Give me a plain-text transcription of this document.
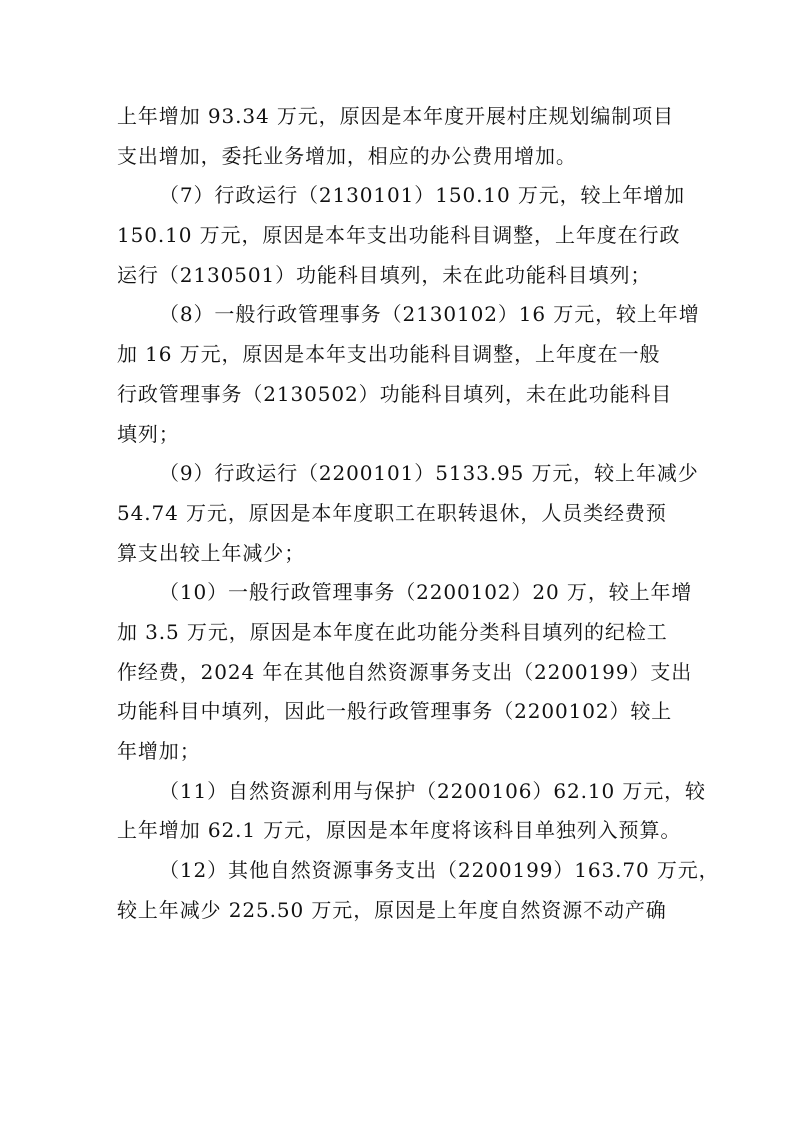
上年增加 93.34 万元，原因是本年度开展村庄规划编制项目
支出增加，委托业务增加，相应的办公费用增加。
（7）行政运行（2130101）150.10 万元，较上年增加
150.10 万元，原因是本年支出功能科目调整，上年度在行政
运行（2130501）功能科目填列，未在此功能科目填列；
（8）一般行政管理事务（2130102）16 万元，较上年增
加 16 万元，原因是本年支出功能科目调整，上年度在一般
行政管理事务（2130502）功能科目填列，未在此功能科目
填列；
（9）行政运行（2200101）5133.95 万元，较上年减少
54.74 万元，原因是本年度职工在职转退休，人员类经费预
算支出较上年减少；
（10）一般行政管理事务（2200102）20 万，较上年增
加 3.5 万元，原因是本年度在此功能分类科目填列的纪检工
作经费，2024 年在其他自然资源事务支出（2200199）支出
功能科目中填列，因此一般行政管理事务（2200102）较上
年增加；
（11）自然资源利用与保护（2200106）62.10 万元，较
上年增加 62.1 万元，原因是本年度将该科目单独列入预算。
（12）其他自然资源事务支出（2200199）163.70 万元，
较上年减少 225.50 万元，原因是上年度自然资源不动产确
